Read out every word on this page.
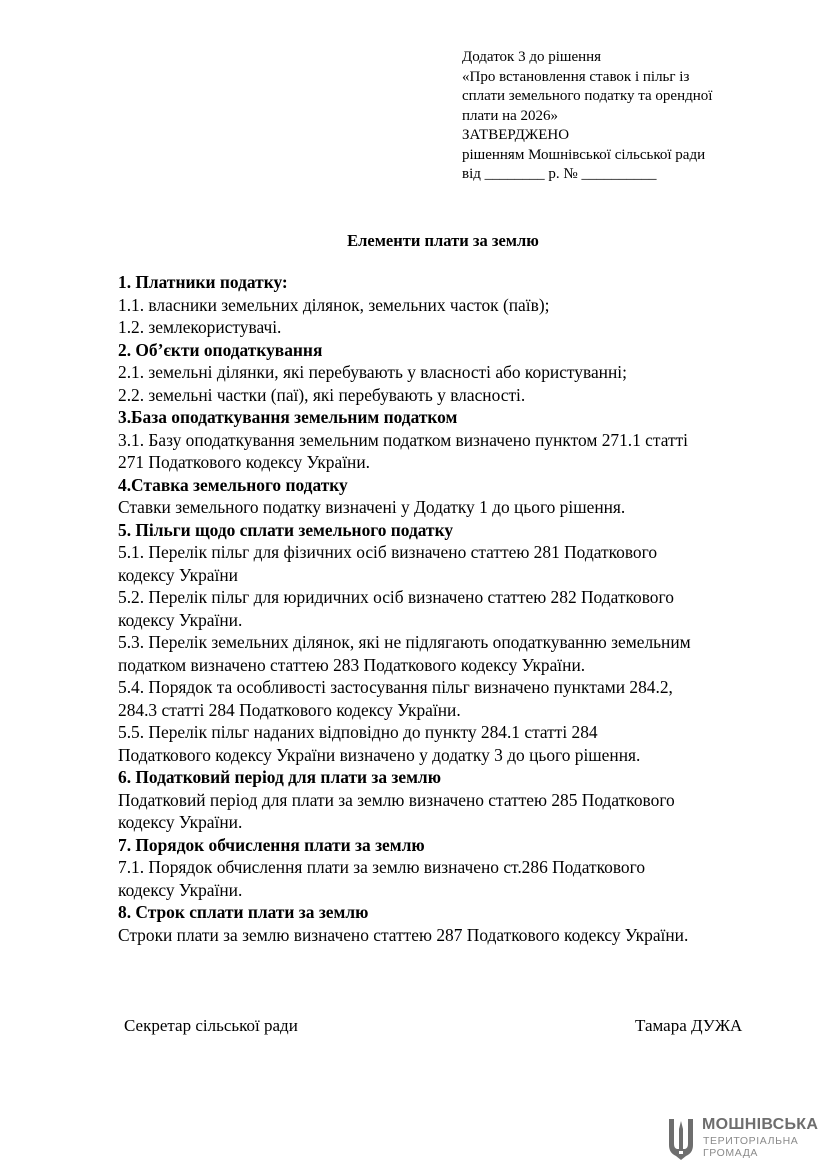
Додаток 3 до рішення
«Про встановлення ставок і пільг із
сплати земельного податку та орендної
плати на 2026»
ЗАТВЕРДЖЕНО
рішенням Мошнівської сільської ради
від ________ р. № __________
Елементи плати за землю
1. Платники податку:
1.1. власники земельних ділянок, земельних часток (паїв);
1.2. землекористувачі.
2. Об’єкти оподаткування
2.1. земельні ділянки, які перебувають у власності або користуванні;
2.2. земельні частки (паї), які перебувають у власності.
3.База оподаткування земельним податком
3.1. Базу оподаткування земельним податком визначено пунктом 271.1 статті
271 Податкового кодексу України.
4.Ставка земельного податку
Ставки земельного податку визначені у Додатку 1 до цього рішення.
5. Пільги щодо сплати земельного податку
5.1. Перелік пільг для фізичних осіб визначено статтею 281 Податкового
кодексу України
5.2. Перелік пільг для юридичних осіб визначено статтею 282 Податкового
кодексу України.
5.3. Перелік земельних ділянок, які не підлягають оподаткуванню земельним
податком визначено статтею 283 Податкового кодексу України.
5.4. Порядок та особливості застосування пільг визначено пунктами 284.2,
284.3 статті 284 Податкового кодексу України.
5.5. Перелік пільг наданих відповідно до пункту 284.1 статті 284
Податкового кодексу України визначено у додатку 3 до цього рішення.
6. Податковий період для плати за землю
Податковий період для плати за землю визначено статтею 285 Податкового
кодексу України.
7. Порядок обчислення плати за землю
7.1. Порядок обчислення плати за землю визначено ст.286 Податкового
кодексу України.
8. Строк сплати плати за землю
Строки плати за землю визначено статтею 287 Податкового кодексу України.
Секретар сільської ради	Тамара ДУЖА
МОШНІВСЬКА
ТЕРИТОРІАЛЬНА
ГРОМАДА
